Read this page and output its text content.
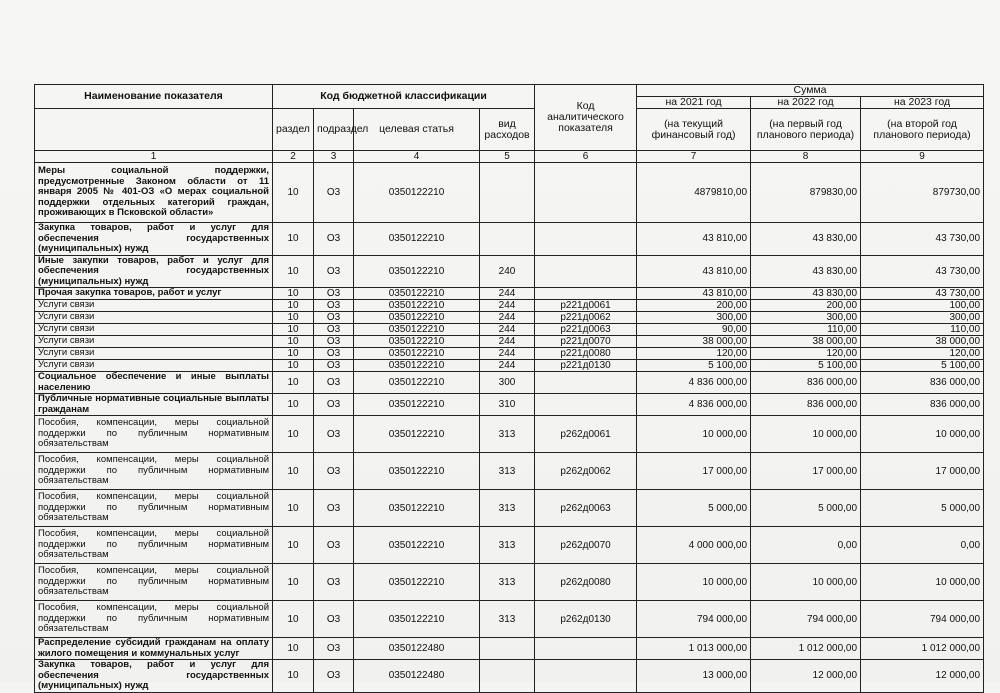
Наименование показателя	Код бюджетной классификации				Код аналитического показателя	Сумма		
						на 2021 год	на 2022 год	на 2023 год
	раздел	подраздел	целевая статья	вид расходов		(на текущий финансовый год)	(на первый год планового периода)	(на второй год планового периода)
1	2	3	4	5	6	7	8	9
Меры социальной поддержки, предусмотренные Законом области от 11 января 2005 № 401-ОЗ «О мерах социальной поддержки отдельных категорий граждан, проживающих в Псковской области»	10	О3	0350122210			4879810,00	879830,00	879730,00
Закупка товаров, работ и услуг для обеспечения государственных (муниципальных) нужд	10	О3	0350122210			43 810,00	43 830,00	43 730,00
Иные закупки товаров, работ и услуг для обеспечения государственных (муниципальных) нужд	10	О3	0350122210	240		43 810,00	43 830,00	43 730,00
Прочая закупка товаров, работ и услуг	10	О3	0350122210	244		43 810,00	43 830,00	43 730,00
Услуги связи	10	О3	0350122210	244	р221д0061	200,00	200,00	100,00
Услуги связи	10	О3	0350122210	244	р221д0062	300,00	300,00	300,00
Услуги связи	10	О3	0350122210	244	р221д0063	90,00	110,00	110,00
Услуги связи	10	О3	0350122210	244	р221д0070	38 000,00	38 000,00	38 000,00
Услуги связи	10	О3	0350122210	244	р221д0080	120,00	120,00	120,00
Услуги связи	10	О3	0350122210	244	р221д0130	5 100,00	5 100,00	5 100,00
Социальное обеспечение и иные выплаты населению	10	О3	0350122210	300		4 836 000,00	836 000,00	836 000,00
Публичные нормативные социальные выплаты гражданам	10	О3	0350122210	310		4 836 000,00	836 000,00	836 000,00
Пособия, компенсации, меры социальной поддержки по публичным нормативным обязательствам	10	О3	0350122210	313	р262д0061	10 000,00	10 000,00	10 000,00
Пособия, компенсации, меры социальной поддержки по публичным нормативным обязательствам	10	О3	0350122210	313	р262д0062	17 000,00	17 000,00	17 000,00
Пособия, компенсации, меры социальной поддержки по публичным нормативным обязательствам	10	О3	0350122210	313	р262д0063	5 000,00	5 000,00	5 000,00
Пособия, компенсации, меры социальной поддержки по публичным нормативным обязательствам	10	О3	0350122210	313	р262д0070	4 000 000,00	0,00	0,00
Пособия, компенсации, меры социальной поддержки по публичным нормативным обязательствам	10	О3	0350122210	313	р262д0080	10 000,00	10 000,00	10 000,00
Пособия, компенсации, меры социальной поддержки по публичным нормативным обязательствам	10	О3	0350122210	313	р262д0130	794 000,00	794 000,00	794 000,00
Распределение субсидий гражданам на оплату жилого помещения и коммунальных услуг	10	О3	0350122480			1 013 000,00	1 012 000,00	1 012 000,00
Закупка товаров, работ и услуг для обеспечения государственных (муниципальных) нужд	10	О3	0350122480			13 000,00	12 000,00	12 000,00
